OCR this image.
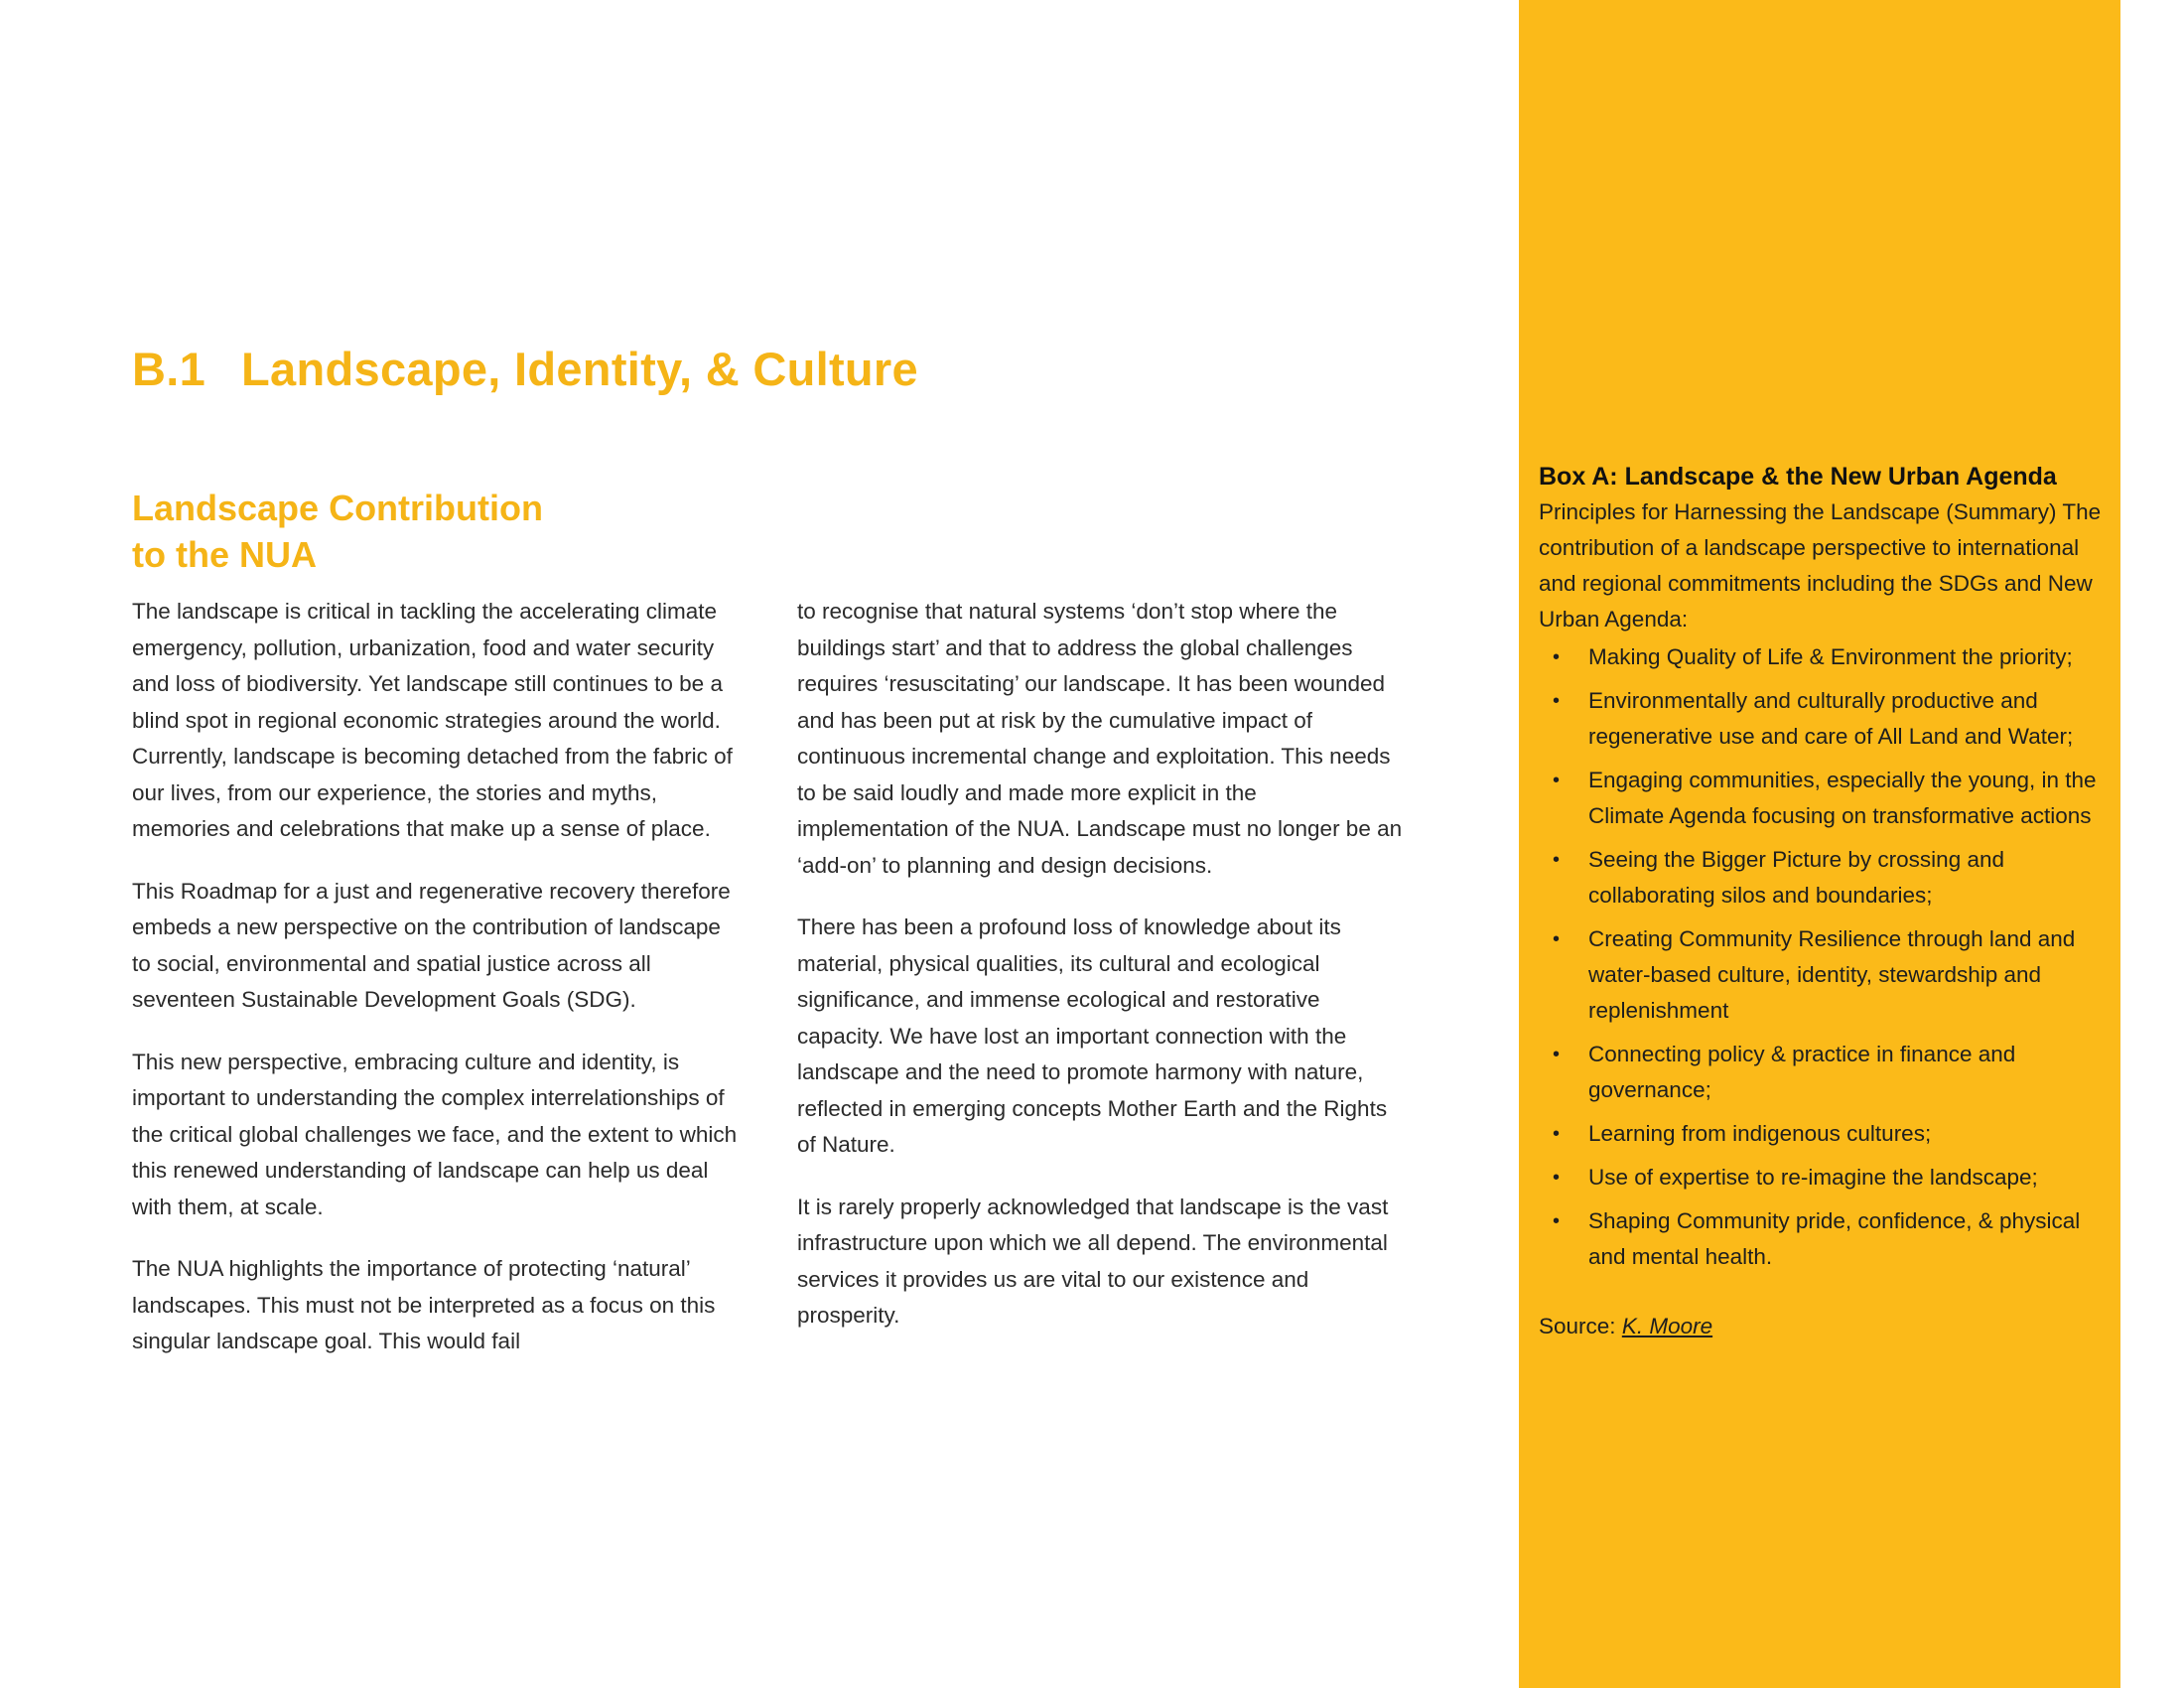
B.1 Landscape, Identity, & Culture
Landscape Contribution
to the NUA

The landscape is critical in tackling the accelerating climate emergency, pollution, urbanization, food and water security and loss of biodiversity. Yet landscape still continues to be a blind spot in regional economic strategies around the world. Currently, landscape is becoming detached from the fabric of our lives, from our experience, the stories and myths, memories and celebrations that make up a sense of place.

This Roadmap for a just and regenerative recovery therefore embeds a new perspective on the contribution of landscape to social, environmental and spatial justice across all seventeen Sustainable Development Goals (SDG).

This new perspective, embracing culture and identity, is important to understanding the complex interrelationships of the critical global challenges we face, and the extent to which this renewed understanding of landscape can help us deal with them, at scale.

The NUA highlights the importance of protecting ‘natural’ landscapes. This must not be interpreted as a focus on this singular landscape goal. This would fail

to recognise that natural systems ‘don’t stop where the buildings start’ and that to address the global challenges requires ‘resuscitating’ our landscape. It has been wounded and has been put at risk by the cumulative impact of continuous incremental change and exploitation. This needs to be said loudly and made more explicit in the implementation of the NUA. Landscape must no longer be an ‘add-on’ to planning and design decisions.

There has been a profound loss of knowledge about its material, physical qualities, its cultural and ecological significance, and immense ecological and restorative capacity. We have lost an important connection with the landscape and the need to promote harmony with nature, reflected in emerging concepts Mother Earth and the Rights of Nature.

It is rarely properly acknowledged that landscape is the vast infrastructure upon which we all depend. The environmental services it provides us are vital to our existence and prosperity.

Box A: Landscape & the New Urban Agenda

Principles for Harnessing the Landscape (Summary) The contribution of a landscape perspective to international and regional commitments including the SDGs and New Urban Agenda:

• Making Quality of Life & Environment the priority;
• Environmentally and culturally productive and regenerative use and care of All Land and Water;
• Engaging communities, especially the young, in the Climate Agenda focusing on transformative actions
• Seeing the Bigger Picture by crossing and collaborating silos and boundaries;
• Creating Community Resilience through land and water-based culture, identity, stewardship and replenishment
• Connecting policy & practice in finance and governance;
• Learning from indigenous cultures;
• Use of expertise to re-imagine the landscape;
• Shaping Community pride, confidence, & physical and mental health.

Source: K. Moore
